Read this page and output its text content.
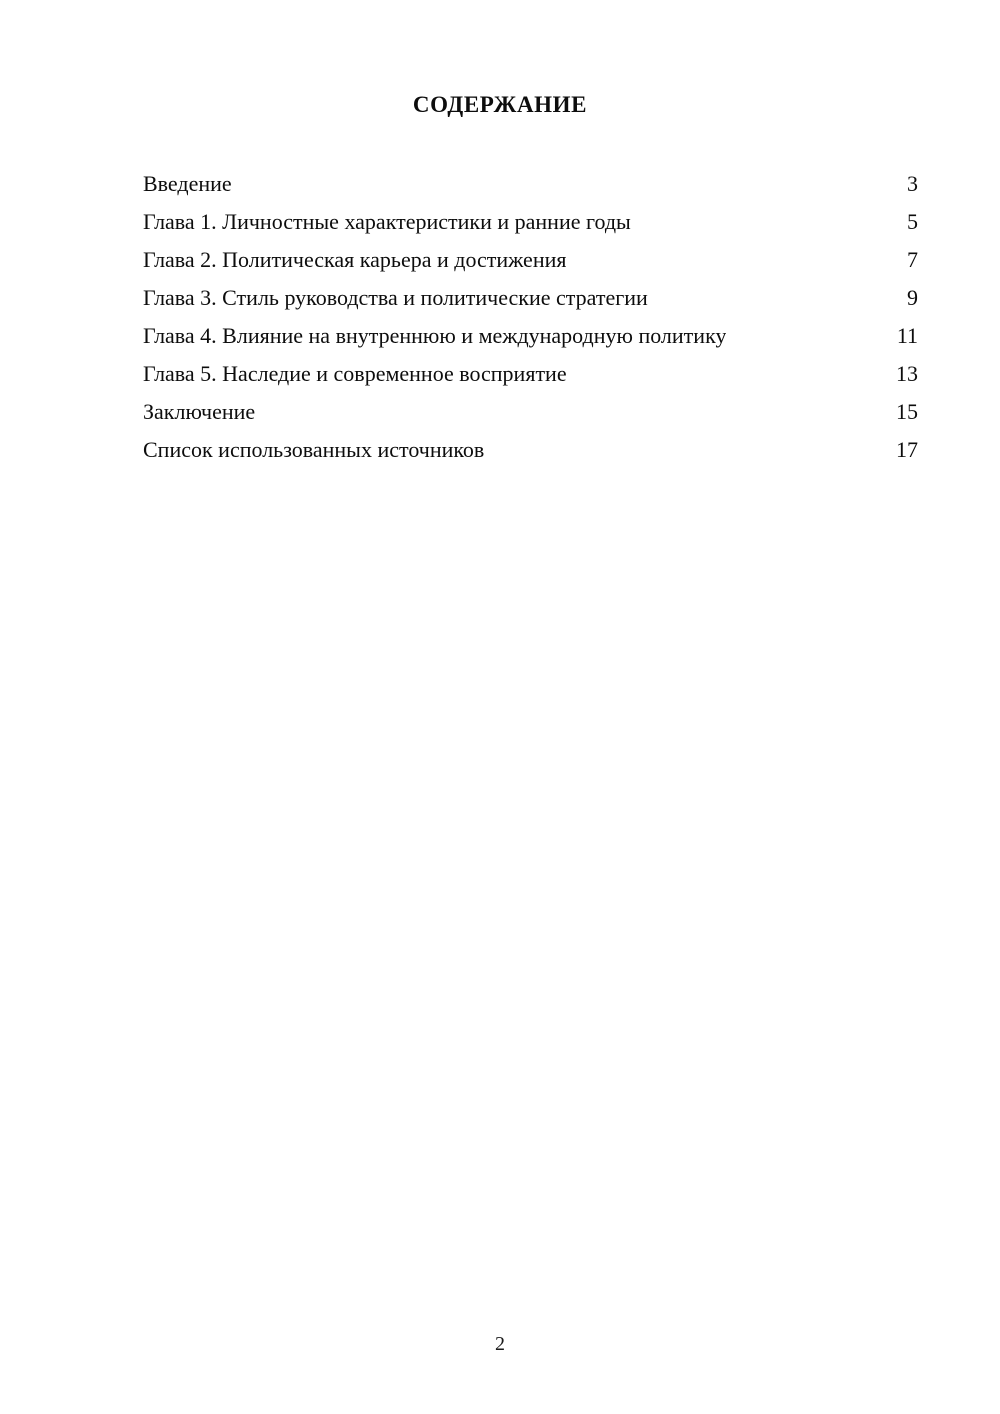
СОДЕРЖАНИЕ
Введение	3
Глава 1. Личностные характеристики и ранние годы	5
Глава 2. Политическая карьера и достижения	7
Глава 3. Стиль руководства и политические стратегии	9
Глава 4. Влияние на внутреннюю и международную политику	11
Глава 5. Наследие и современное восприятие	13
Заключение	15
Список использованных источников	17
2
